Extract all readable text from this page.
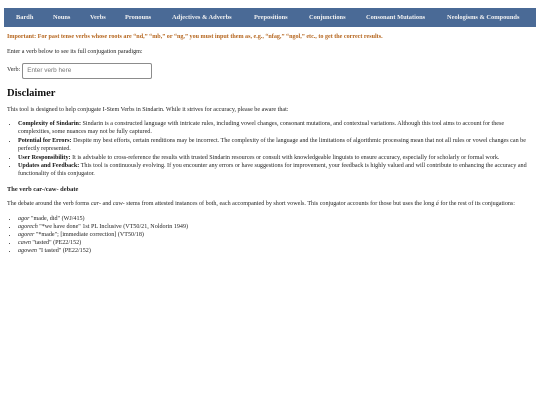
Bardh	Nouns	Verbs	Pronouns	Adjectives & Adverbs	Prepositions	Conjunctions	Consonant Mutations	Neologisms & Compounds

Important: For past tense verbs whose roots are “nd,” “mb,” or “ng,” you must input them as, e.g., “nfag,” “ngol,” etc., to get the correct results.

Enter a verb below to see its full conjugation paradigm:

Verb:
Enter verb here
Disclaimer

This tool is designed to help conjugate I-Stem Verbs in Sindarin. While it strives for accuracy, please be aware that:

• Complexity of Sindarin: Sindarin is a constructed language with intricate rules, including vowel changes, consonant mutations, and contextual variations. Although this tool aims to account for these complexities, some nuances may not be fully captured.
• Potential for Errors: Despite my best efforts, certain renditions may be incorrect. The complexity of the language and the limitations of algorithmic processing mean that not all rules or vowel changes can be perfectly represented.
• User Responsibility: It is advisable to cross-reference the results with trusted Sindarin resources or consult with knowledgeable linguists to ensure accuracy, especially for scholarly or formal work.
• Updates and Feedback: This tool is continuously evolving. If you encounter any errors or have suggestions for improvement, your feedback is highly valued and will contribute to enhancing the accuracy and functionality of this conjugator.
The verb car-/caw- debate

The debate around the verb forms car- and caw- stems from attested instances of both, each accompanied by short vowels. This conjugator accounts for those but uses the long á for the rest of its conjugations:

• agor "made, did" (WJ/415)
• agorech "*we have done" 1st PL Inclusive (VT50/21, Noldorin 1949)
• agorer "*made"; [immediate correction] (VT50/18)
• cawn "tasted" (PE22/152)
• agowen "I tasted" (PE22/152)
